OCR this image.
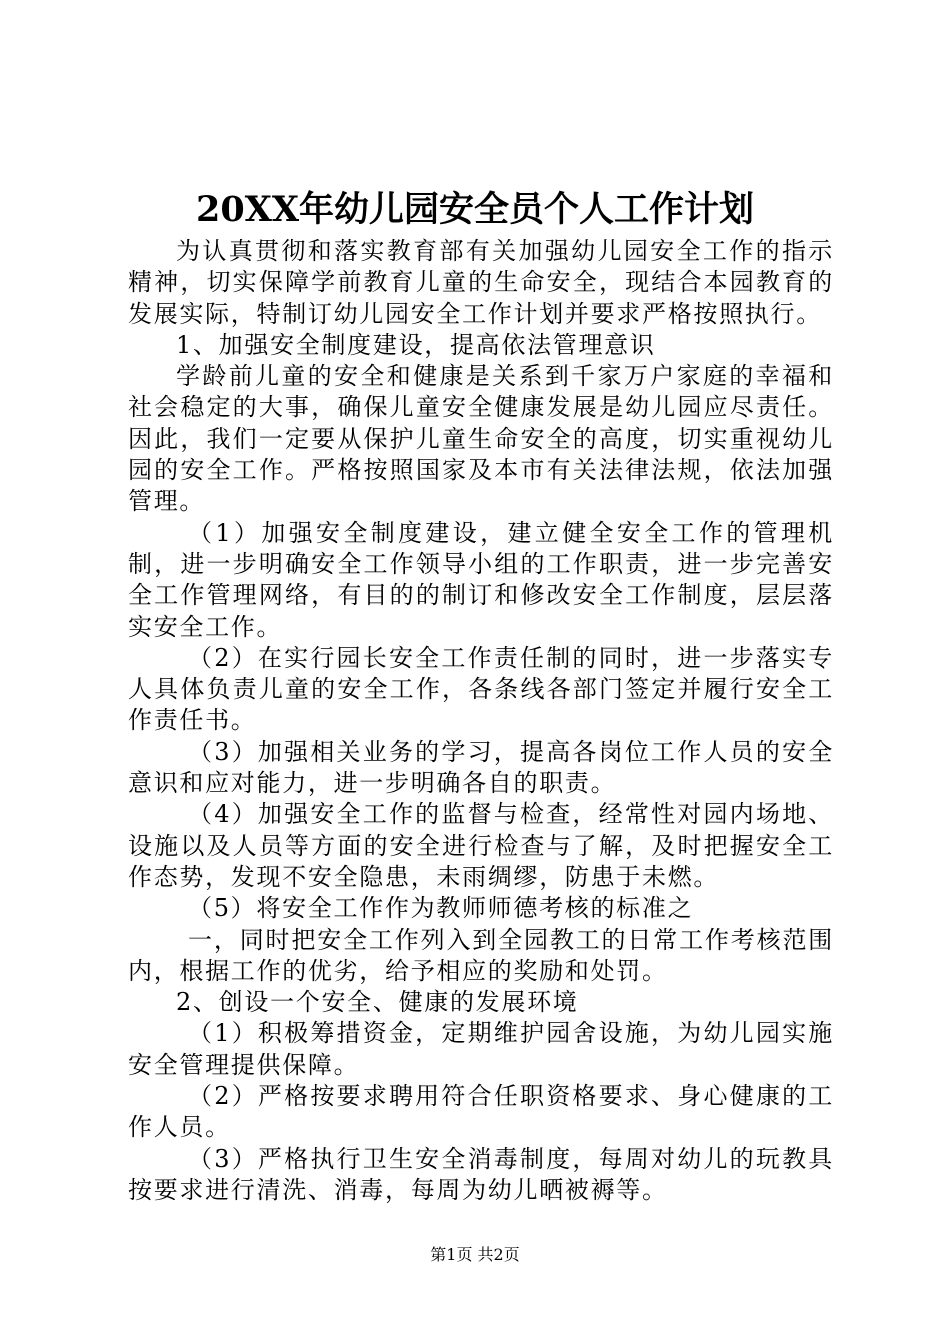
20XX年幼儿园安全员个人工作计划

为认真贯彻和落实教育部有关加强幼儿园安全工作的指示精神，切实保障学前教育儿童的生命安全，现结合本园教育的发展实际，特制订幼儿园安全工作计划并要求严格按照执行。

1、加强安全制度建设，提高依法管理意识

学龄前儿童的安全和健康是关系到千家万户家庭的幸福和社会稳定的大事，确保儿童安全健康发展是幼儿园应尽责任。因此，我们一定要从保护儿童生命安全的高度，切实重视幼儿园的安全工作。严格按照国家及本市有关法律法规，依法加强管理。

（1）加强安全制度建设，建立健全安全工作的管理机制，进一步明确安全工作领导小组的工作职责，进一步完善安全工作管理网络，有目的的制订和修改安全工作制度，层层落实安全工作。

（2）在实行园长安全工作责任制的同时，进一步落实专人具体负责儿童的安全工作，各条线各部门签定并履行安全工作责任书。

（3）加强相关业务的学习，提高各岗位工作人员的安全意识和应对能力，进一步明确各自的职责。

（4）加强安全工作的监督与检查，经常性对园内场地、设施以及人员等方面的安全进行检查与了解，及时把握安全工作态势，发现不安全隐患，未雨绸缪，防患于未燃。

（5）将安全工作作为教师师德考核的标准之

一，同时把安全工作列入到全园教工的日常工作考核范围内，根据工作的优劣，给予相应的奖励和处罚。

2、创设一个安全、健康的发展环境

（1）积极筹措资金，定期维护园舍设施，为幼儿园实施安全管理提供保障。

（2）严格按要求聘用符合任职资格要求、身心健康的工作人员。

（3）严格执行卫生安全消毒制度，每周对幼儿的玩教具按要求进行清洗、消毒，每周为幼儿晒被褥等。

第1页 共2页
